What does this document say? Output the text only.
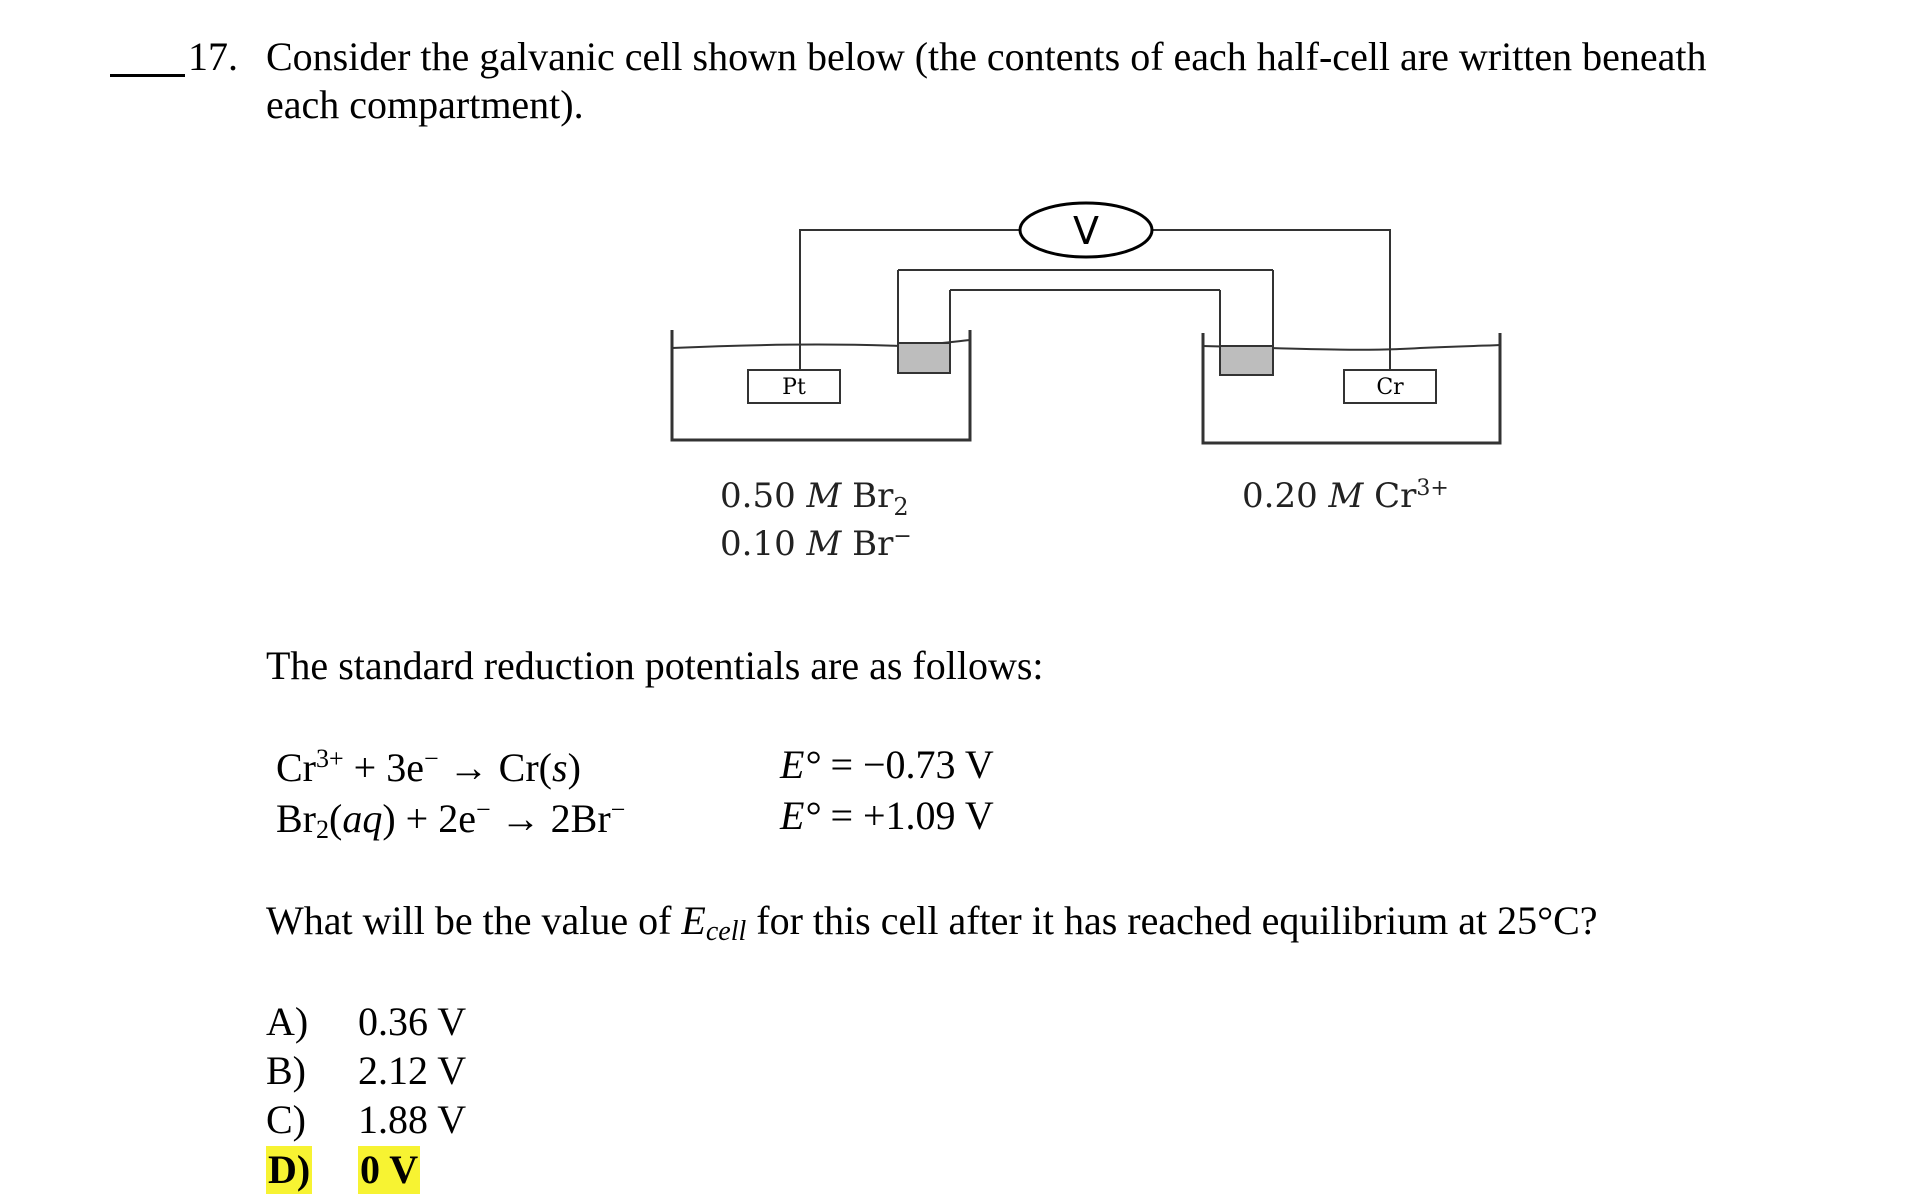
17. Consider the galvanic cell shown below (the contents of each half-cell are written beneath
each compartment).
V
Pt	Cr
0.50 M $Br_2$
0.10 M Br−
0.20 M $Cr^{3+}$
The standard reduction potentials are as follows:
$Cr^{3+} + 3e^- \to Cr(s)$	E° = −0.73 V
$Br_2(aq) + 2e^- \to 2Br^-$	E° = +1.09 V
What will be the value of $E_{cell}$ for this cell after it has reached equilibrium at 25°C?
A) 0.36 V
B) 2.12 V
C) 1.88 V
D) 0 V
